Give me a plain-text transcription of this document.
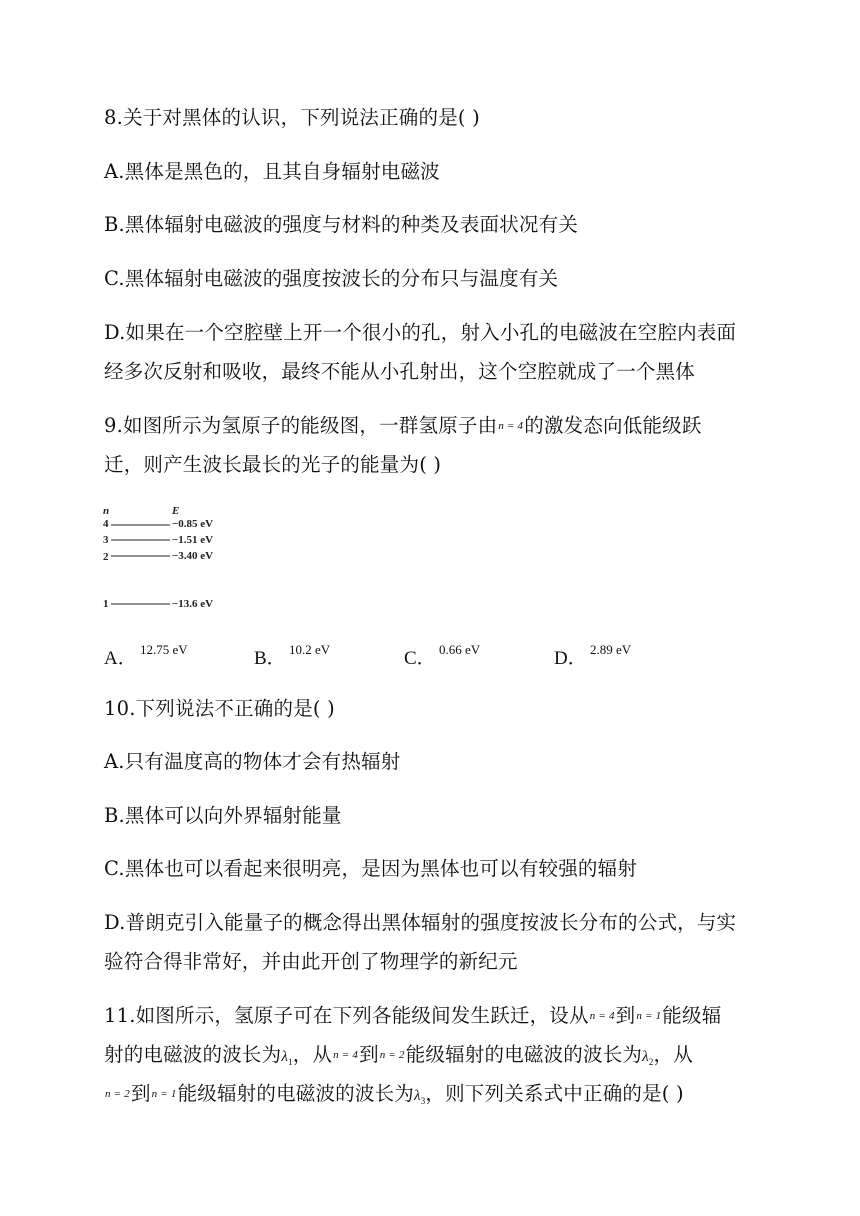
8.关于对黑体的认识，下列说法正确的是( )
A.黑体是黑色的，且其自身辐射电磁波
B.黑体辐射电磁波的强度与材料的种类及表面状况有关
C.黑体辐射电磁波的强度按波长的分布只与温度有关
D.如果在一个空腔壁上开一个很小的孔，射入小孔的电磁波在空腔内表面
经多次反射和吸收，最终不能从小孔射出，这个空腔就成了一个黑体
9.如图所示为氢原子的能级图，一群氢原子由n = 4的激发态向低能级跃
迁，则产生波长最长的光子的能量为( )
n	E
4	−0.85 eV
3	−1.51 eV
2	−3.40 eV
1	−13.6 eV
A． 12.75 eV	B． 10.2 eV	C． 0.66 eV	D． 2.89 eV
10.下列说法不正确的是( )
A.只有温度高的物体才会有热辐射
B.黑体可以向外界辐射能量
C.黑体也可以看起来很明亮，是因为黑体也可以有较强的辐射
D.普朗克引入能量子的概念得出黑体辐射的强度按波长分布的公式，与实
验符合得非常好，并由此开创了物理学的新纪元
11.如图所示，氢原子可在下列各能级间发生跃迁，设从n = 4到n = 1能级辐
射的电磁波的波长为$\lambda_1$，从n = 4到n = 2能级辐射的电磁波的波长为$\lambda_2$，从
n = 2到n = 1能级辐射的电磁波的波长为$\lambda_3$，则下列关系式中正确的是( )
